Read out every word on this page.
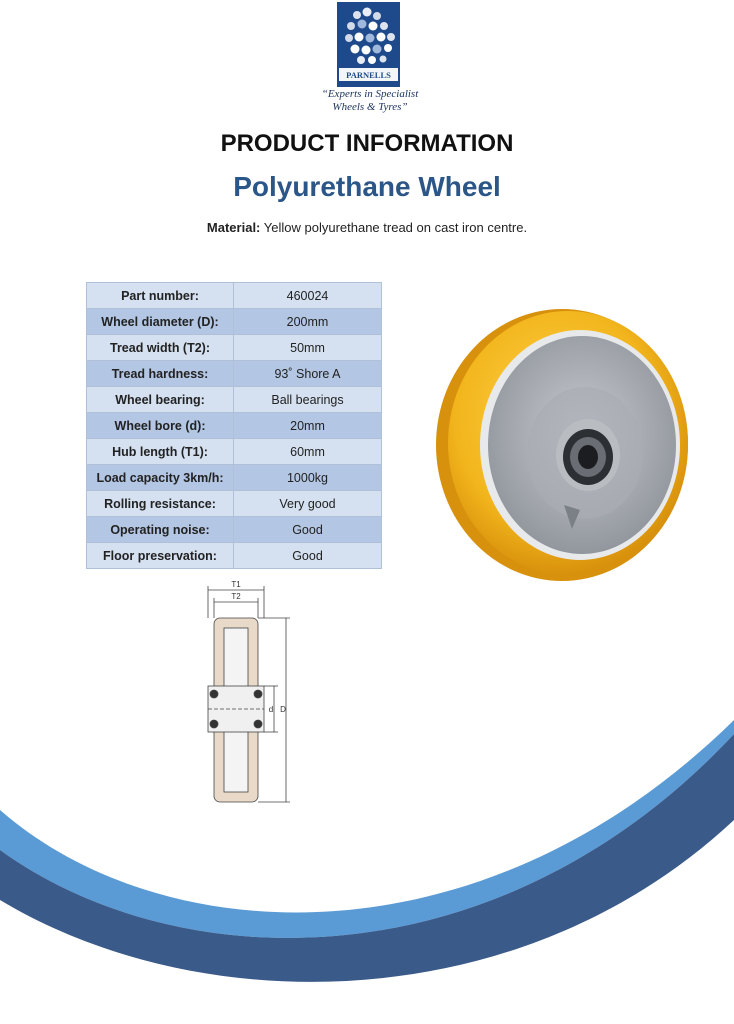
PARNELLS
“Experts in Specialist
Wheels & Tyres”
PRODUCT INFORMATION
Polyurethane Wheel
Material: Yellow polyurethane tread on cast iron centre.
Part number:	460024
Wheel diameter (D):	200mm
Tread width (T2):	50mm
Tread hardness:	93˚ Shore A
Wheel bearing:	Ball bearings
Wheel bore (d):	20mm
Hub length (T1):	60mm
Load capacity 3km/h:	1000kg
Rolling resistance:	Very good
Operating noise:	Good
Floor preservation:	Good
T1
T2
d D
